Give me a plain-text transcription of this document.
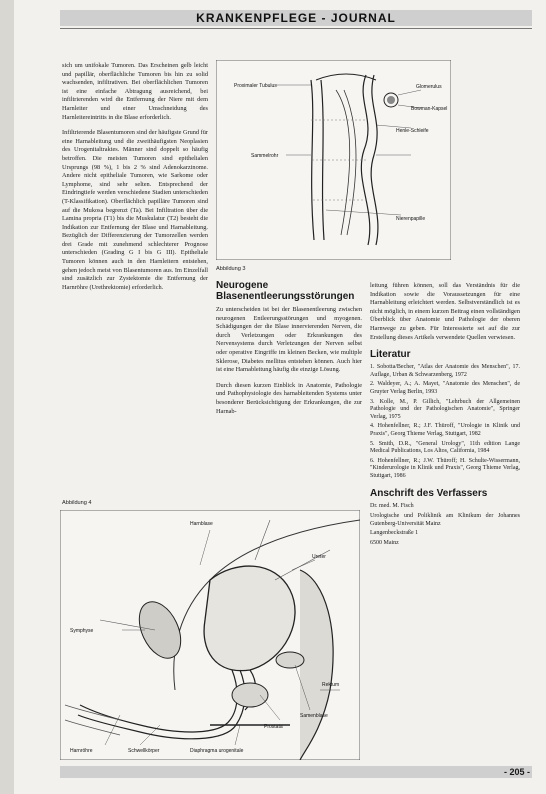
KRANKENPFLEGE - JOURNAL

sich um unifokale Tumoren. Das Erscheinen gelb leicht und papillär, oberflächliche Tumoren bis hin zu solid wachsenden, infiltrativen. Bei oberflächlichen Tumoren ist eine einfache Abtragung ausreichend, bei infiltrierenden wird die Entfernung der Niere mit dem Harnleiter und einer Umschneidung des Harnleitereintritts in die Blase erforderlich.

Infiltrierende Blasentumoren sind der häufigste Grund für eine Harnableitung und die zweithäufigsten Neoplasien des Urogenitaltraktes. Männer sind doppelt so häufig betroffen. Die meisten Tumoren sind epithelialen Ursprungs (98 %), 1 bis 2 % sind Adenokarzinome. Andere nicht epitheliale Tumoren, wie Sarkome oder Lymphome, sind sehr selten. Entsprechend der Eindringtiefe werden verschiedene Stadien unterschieden (T-Klassifikation). Oberflächlich papilläre Tumoren sind auf die Mukosa begrenzt (Ta). Bei Infiltration über die Lamina propria (T1) bis die Muskulatur (T2) besteht die Indikation zur Entfernung der Blase und Harnableitung. Bezüglich der Differenzierung der Tumorzellen werden drei Grade mit zunehmend schlechterer Prognose unterschieden (Grading G I bis G III). Epitheliale Tumoren können auch in den Harnleitern entstehen, gehen jedoch meist von Blasentumoren aus. Im Einzelfall sind zusätzlich zur Zystektomie die Entfernung der Harnröhre (Urethrektomie) erforderlich.

Proximaler Tubulus	Glomerulus
Bowman-Kapsel
Henle-Schleife
Sammelrohr
Nierenpapille
Abbildung 3
Neurogene Blasenentleerungsstörungen

Zu unterscheiden ist bei der Blasenentleerung zwischen neurogenen Entleerungsstörungen und myogenen. Schädigungen der die Blase innervierenden Nerven, die durch Verletzungen oder Erkrankungen des Nervensystems durch Verletzungen der Nerven selbst oder operative Eingriffe im kleinen Becken, wie multiple Sklerose, Diabetes mellitus entstehen können. Auch hier ist eine Harnableitung häufig die einzige Lösung.

Durch diesen kurzen Einblick in Anatomie, Pathologie und Pathophysiologie des harnableitenden Systems unter besonderer Berücksichtigung der Erkrankungen, die zur Harnab-

leitung führen können, soll das Verständnis für die Indikation sowie die Voraussetzungen für eine Harnableitung erleichtert werden. Selbstverständlich ist es nicht möglich, in einem kurzen Beitrag einen vollständigen Überblick über Anatomie und Pathologie der oberen Harnwege zu geben. Für Interessierte sei auf die zur Erstellung dieses Artikels verwendete Quellen verwiesen.

Literatur
1. Sobotta/Becher, "Atlas der Anatomie des Menschen", 17. Auflage, Urban & Schwarzenberg, 1972
2. Waldeyer, A.; A. Mayet, "Anatomie des Menschen", de Gruyter Verlag Berlin, 1993
3. Kolle, M., P. Gillich, "Lehrbuch der Allgemeinen Pathologie und der Pathologischen Anatomie", Springer Verlag, 1975
4. Hohenfellner, R.; J.F. Thüroff, "Urologie in Klinik und Praxis", Georg Thieme Verlag, Stuttgart, 1982
5. Smith, D.R., "General Urology", 11th edition Lange Medical Publications, Los Altos, California, 1984
6. Hohenfellner, R.; J.W. Thüroff; H. Schulte-Wissermann, "Kinderurologie in Klinik und Praxis", Georg Thieme Verlag, Stuttgart, 1986
Anschrift des Verfassers
Dr. med. M. Fisch
Urologische und Poliklinik am Klinikum der Johannes Gutenberg-Universität Mainz
Langenbeckstraße 1
6500 Mainz
Abbildung 4
Symphyse
Harnblase
Ureter
Rektum
Prostata
Samenblase
Harnröhre	Diaphragma urogenitale
Schwellkörper
- 205 -
